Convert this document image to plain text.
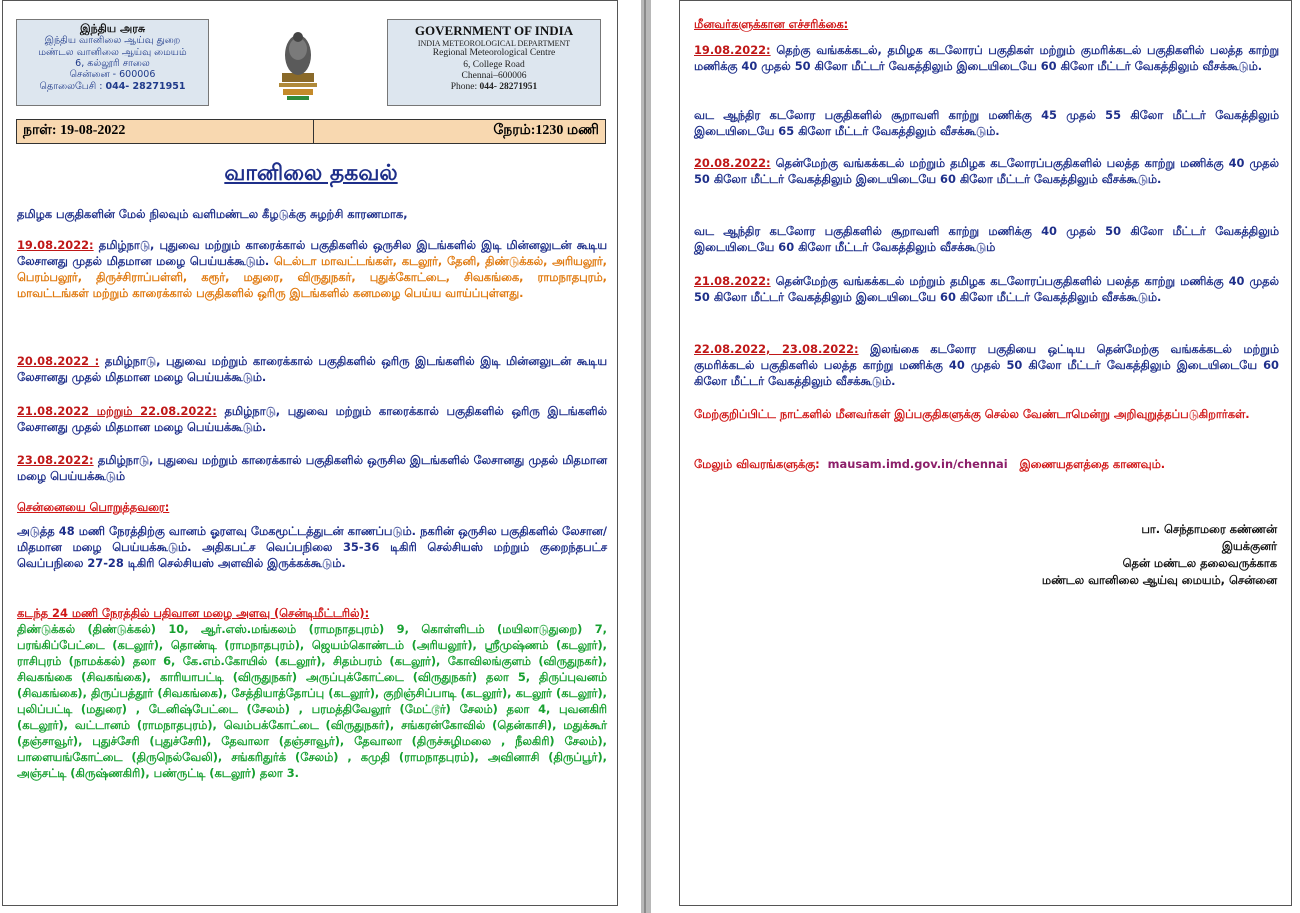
இந்திய அரசு
இந்திய வானிலை ஆய்வு துறை
மண்டல வானிலை ஆய்வு மையம்
6, கல்லூரி சாலை
சென்னை - 600006
தொலைபேசி : 044- 28271951
GOVERNMENT OF INDIA
INDIA METEOROLOGICAL DEPARTMENT
Regional Meteorological Centre
6, College Road
Chennai–600006
Phone: 044- 28271951
நாள்: 19-08-2022	நேரம்:1230 மணி
வானிலை தகவல்
தமிழக பகுதிகளின் மேல் நிலவும் வளிமண்டல கீழடுக்கு சுழற்சி காரணமாக,
19.08.2022: தமிழ்நாடு, புதுவை மற்றும் காரைக்கால் பகுதிகளில் ஒருசில இடங்களில் இடி மின்னலுடன் கூடிய லேசானது முதல் மிதமான மழை பெய்யக்கூடும். டெல்டா மாவட்டங்கள், கடலூர், தேனி, திண்டுக்கல், அரியலூர், பெரம்பலூர், திருச்சிராப்பள்ளி, கரூர், மதுரை, விருதுநகர், புதுக்கோட்டை, சிவகங்கை, ராமநாதபுரம், மாவட்டங்கள் மற்றும் காரைக்கால் பகுதிகளில் ஒரிரு இடங்களில் கனமழை பெய்ய வாய்ப்புள்ளது.
20.08.2022 : தமிழ்நாடு, புதுவை மற்றும் காரைக்கால் பகுதிகளில் ஒரிரு இடங்களில் இடி மின்னலுடன் கூடிய லேசானது முதல் மிதமான மழை பெய்யக்கூடும்.
21.08.2022 மற்றும் 22.08.2022: தமிழ்நாடு, புதுவை மற்றும் காரைக்கால் பகுதிகளில் ஒரிரு இடங்களில் லேசானது முதல் மிதமான மழை பெய்யக்கூடும்.
23.08.2022: தமிழ்நாடு, புதுவை மற்றும் காரைக்கால் பகுதிகளில் ஒருசில இடங்களில் லேசானது முதல் மிதமான மழை பெய்யக்கூடும்
சென்னையை பொறுத்தவரை:
அடுத்த 48 மணி நேரத்திற்கு வானம் ஓரளவு மேகமூட்டத்துடன் காணப்படும். நகரின் ஒருசில பகுதிகளில் லேசான/மிதமான மழை பெய்யக்கூடும். அதிகபட்ச வெப்பநிலை 35-36 டிகிரி செல்சியஸ் மற்றும் குறைந்தபட்ச வெப்பநிலை 27-28 டிகிரி செல்சியஸ் அளவில் இருக்கக்கூடும்.
கடந்த 24 மணி நேரத்தில் பதிவான மழை அளவு (சென்டிமீட்டரில்):
திண்டுக்கல் (திண்டுக்கல்) 10, ஆர்.எஸ்.மங்கலம் (ராமநாதபுரம்) 9, கொள்ளிடம் (மயிலாடுதுறை) 7, பரங்கிப்பேட்டை (கடலூர்), தொண்டி (ராமநாதபுரம்), ஜெயம்கொண்டம் (அரியலூர்), ஸ்ரீமுஷ்ணம் (கடலூர்), ராசிபுரம் (நாமக்கல்) தலா 6, கே.எம்.கோயில் (கடலூர்), சிதம்பரம் (கடலூர்), கோவிலங்குளம் (விருதுநகர்), சிவகங்கை (சிவகங்கை), காரியாபட்டி (விருதுநகர்) அருப்புக்கோட்டை (விருதுநகர்) தலா 5, திருப்புவனம் (சிவகங்கை), திருப்பத்தூர் (சிவகங்கை), சேத்தியாத்தோப்பு (கடலூர்), குறிஞ்சிப்பாடி (கடலூர்), கடலூர் (கடலூர்), புலிப்பட்டி (மதுரை) , டேனிஷ்பேட்டை (சேலம்) , பரமத்திவேலூர் (மேட்டூர்) சேலம்) தலா 4, புவனகிரி (கடலூர்), வட்டானம் (ராமநாதபுரம்), வெம்பக்கோட்டை (விருதுநகர்), சங்கரன்கோவில் (தென்காசி), மதுக்கூர் (தஞ்சாவூர்), புதுச்சேரி (புதுச்சேரி), தேவாலா (தஞ்சாவூர்), தேவாலா (திருச்சுழிமலை , நீலகிரி) சேலம்), பாளையங்கோட்டை (திருநெல்வேலி), சங்கரிதுர்க் (சேலம்) , கமுதி (ராமநாதபுரம்), அவினாசி (திருப்பூர்), அஞ்சட்டி (கிருஷ்ணகிரி), பண்ருட்டி (கடலூர்) தலா 3.
மீனவர்களுக்கான எச்சரிக்கை:
19.08.2022: தெற்கு வங்கக்கடல், தமிழக கடலோரப் பகுதிகள் மற்றும் குமரிக்கடல் பகுதிகளில் பலத்த காற்று மணிக்கு 40 முதல் 50 கிலோ மீட்டர் வேகத்திலும் இடையிடையே 60 கிலோ மீட்டர் வேகத்திலும் வீசக்கூடும்.
வட ஆந்திர கடலோர பகுதிகளில் சூறாவளி காற்று மணிக்கு 45 முதல் 55 கிலோ மீட்டர் வேகத்திலும் இடையிடையே 65 கிலோ மீட்டர் வேகத்திலும் வீசக்கூடும்.
20.08.2022: தென்மேற்கு வங்கக்கடல் மற்றும் தமிழக கடலோரப்பகுதிகளில் பலத்த காற்று மணிக்கு 40 முதல் 50 கிலோ மீட்டர் வேகத்திலும் இடையிடையே 60 கிலோ மீட்டர் வேகத்திலும் வீசக்கூடும்.
வட ஆந்திர கடலோர பகுதிகளில் சூறாவளி காற்று மணிக்கு 40 முதல் 50 கிலோ மீட்டர் வேகத்திலும் இடையிடையே 60 கிலோ மீட்டர் வேகத்திலும் வீசக்கூடும்
21.08.2022: தென்மேற்கு வங்கக்கடல் மற்றும் தமிழக கடலோரப்பகுதிகளில் பலத்த காற்று மணிக்கு 40 முதல் 50 கிலோ மீட்டர் வேகத்திலும் இடையிடையே 60 கிலோ மீட்டர் வேகத்திலும் வீசக்கூடும்.
22.08.2022, 23.08.2022: இலங்கை கடலோர பகுதியை ஒட்டிய தென்மேற்கு வங்கக்கடல் மற்றும் குமரிக்கடல் பகுதிகளில் பலத்த காற்று மணிக்கு 40 முதல் 50 கிலோ மீட்டர் வேகத்திலும் இடையிடையே 60 கிலோ மீட்டர் வேகத்திலும் வீசக்கூடும்.
மேற்குறிப்பிட்ட நாட்களில் மீனவர்கள் இப்பகுதிகளுக்கு செல்ல வேண்டாமென்று அறிவுறுத்தப்படுகிறார்கள்.
மேலும் விவரங்களுக்கு: mausam.imd.gov.in/chennai இணையதளத்தை காணவும்.
பா. செந்தாமரை கண்ணன்
இயக்குனர்
தென் மண்டல தலைவருக்காக
மண்டல வானிலை ஆய்வு மையம், சென்னை
